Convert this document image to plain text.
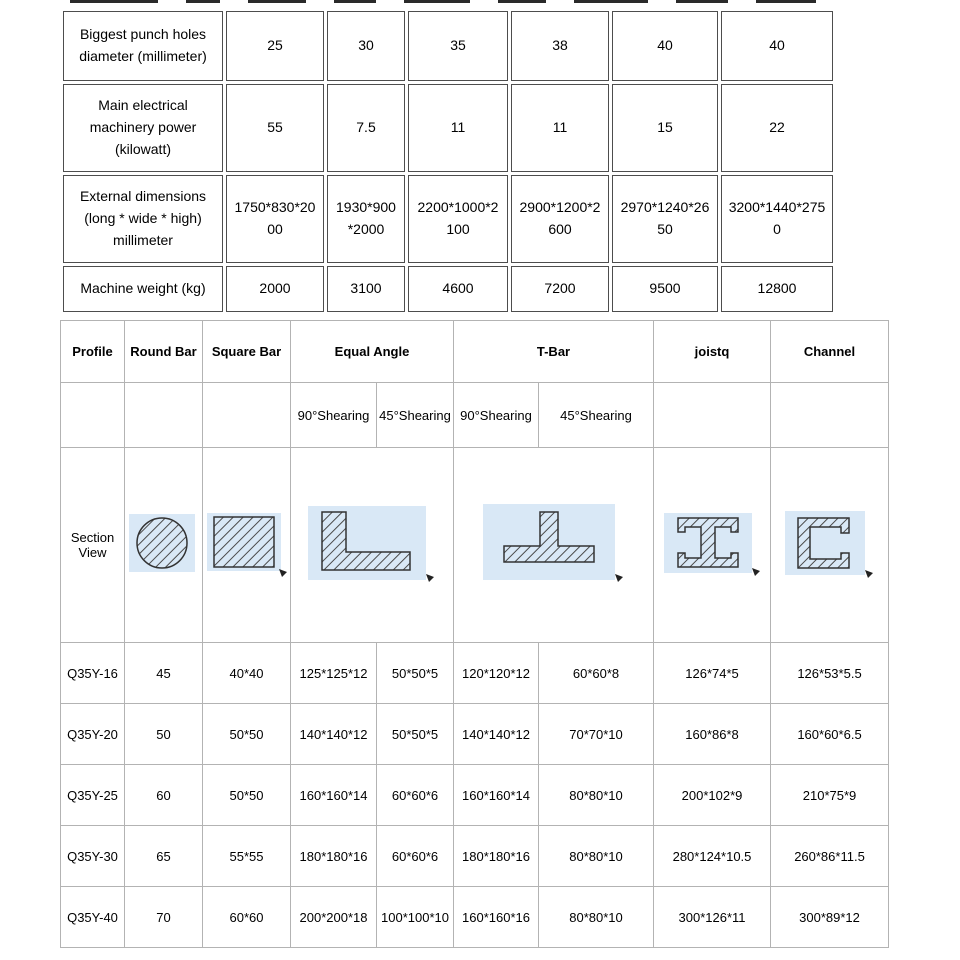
Biggest punch holes diameter (millimeter)	25	30	35	38	40	40
Main electrical machinery power (kilowatt)	55	7.5	11	11	15	22
External dimensions (long * wide * high) millimeter	1750*830*2000	1930*900*2000	2200*1000*2100	2900*1200*2600	2970*1240*2650	3200*1440*2750
Machine weight (kg)	2000	3100	4600	7200	9500	12800
Profile	Round Bar	Square Bar	Equal Angle		T-Bar		joistq	Channel
			90°Shearing	45°Shearing	90°Shearing	45°Shearing		
Section View	

Q35Y-16	45	40*40	125*125*12	50*50*5	120*120*12	60*60*8	126*74*5	126*53*5.5
Q35Y-20	50	50*50	140*140*12	50*50*5	140*140*12	70*70*10	160*86*8	160*60*6.5
Q35Y-25	60	50*50	160*160*14	60*60*6	160*160*14	80*80*10	200*102*9	210*75*9
Q35Y-30	65	55*55	180*180*16	60*60*6	180*180*16	80*80*10	280*124*10.5	260*86*11.5
Q35Y-40	70	60*60	200*200*18	100*100*10	160*160*16	80*80*10	300*126*11	300*89*12
